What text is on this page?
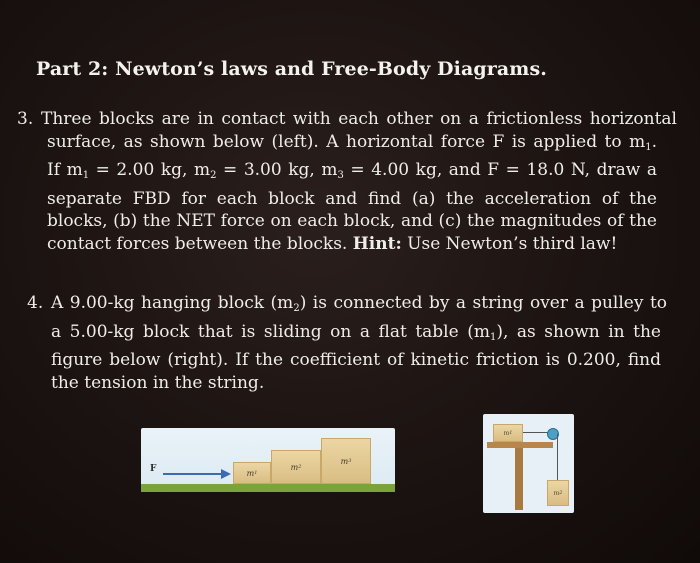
Part 2: Newton’s laws and Free-Body Diagrams.
3. Three blocks are in contact with each other on a frictionless horizontal
surface, as shown below (left). A horizontal force F is applied to $m_1$.
If $m_1 = 2.00$ kg, $m_2 = 3.00$ kg, $m_3 = 4.00$ kg, and F = 18.0 N, draw a
separate FBD for each block and find (a) the acceleration of the
blocks, (b) the NET force on each block, and (c) the magnitudes of the
contact forces between the blocks. Hint: Use Newton’s third law!
4. A 9.00-kg hanging block $(m_2)$ is connected by a string over a pulley to
a 5.00-kg block that is sliding on a flat table $(m_1)$, as shown in the
figure below (right). If the coefficient of kinetic friction is 0.200, find
the tension in the string.
F	m 1
m 2
m 3
m 1
m 2
